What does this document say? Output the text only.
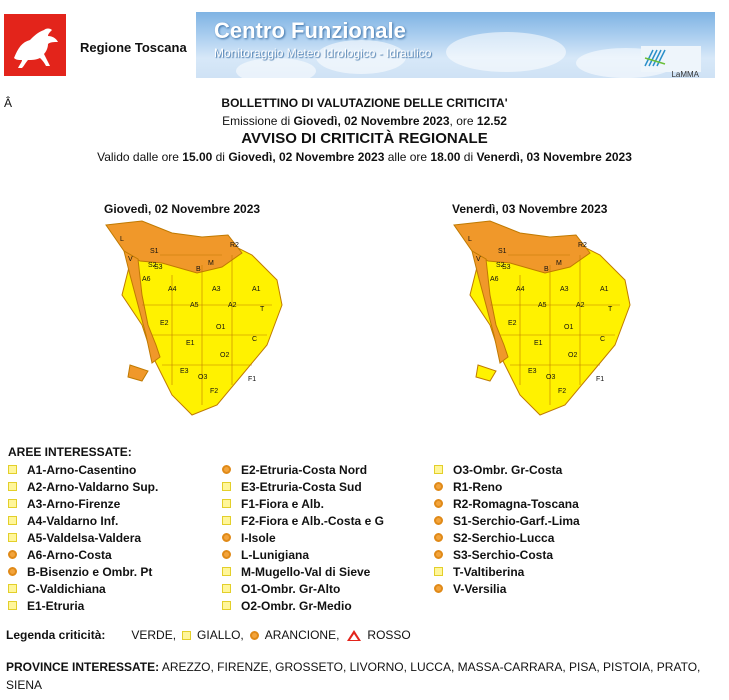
Regione Toscana
Centro Funzionale
Monitoraggio Meteo Idrologico - Idraulico
LaMMA
Â	BOLLETTINO DI VALUTAZIONE DELLE CRITICITA'
Emissione di Giovedì, 02 Novembre 2023, ore 12.52
AVVISO DI CRITICITÀ REGIONALE
Valido dalle ore 15.00 di Giovedì, 02 Novembre 2023 alle ore 18.00 di Venerdì, 03 Novembre 2023
Giovedì, 02 Novembre 2023	Venerdì, 03 Novembre 2023
L
S1
R2
M
S3	B
V
A6
A4	A3	A1
A5	A2
T
O1
E1
C
O2
E3
O3	F1
F2
S2
E2
L
S1
R2
M
S3	B
V
A6
A4	A3	A1
A5	A2
T
O1
E1
C
O2
E3
O3	F1
F2
S2
E2
AREE INTERESSATE:
A1-Arno-Casentino
A2-Arno-Valdarno Sup.
A3-Arno-Firenze
A4-Valdarno Inf.
A5-Valdelsa-Valdera
A6-Arno-Costa
B-Bisenzio e Ombr. Pt
C-Valdichiana
E1-Etruria
E2-Etruria-Costa Nord
E3-Etruria-Costa Sud
F1-Fiora e Alb.
F2-Fiora e Alb.-Costa e G
I-Isole
L-Lunigiana
M-Mugello-Val di Sieve
O1-Ombr. Gr-Alto
O2-Ombr. Gr-Medio
O3-Ombr. Gr-Costa
R1-Reno
R2-Romagna-Toscana
S1-Serchio-Garf.-Lima
S2-Serchio-Lucca
S3-Serchio-Costa
T-Valtiberina
V-Versilia
Legenda criticità: VERDE, GIALLO, ARANCIONE, ROSSO
PROVINCE INTERESSATE: AREZZO, FIRENZE, GROSSETO, LIVORNO, LUCCA, MASSA-CARRARA, PISA, PISTOIA, PRATO, SIENA
